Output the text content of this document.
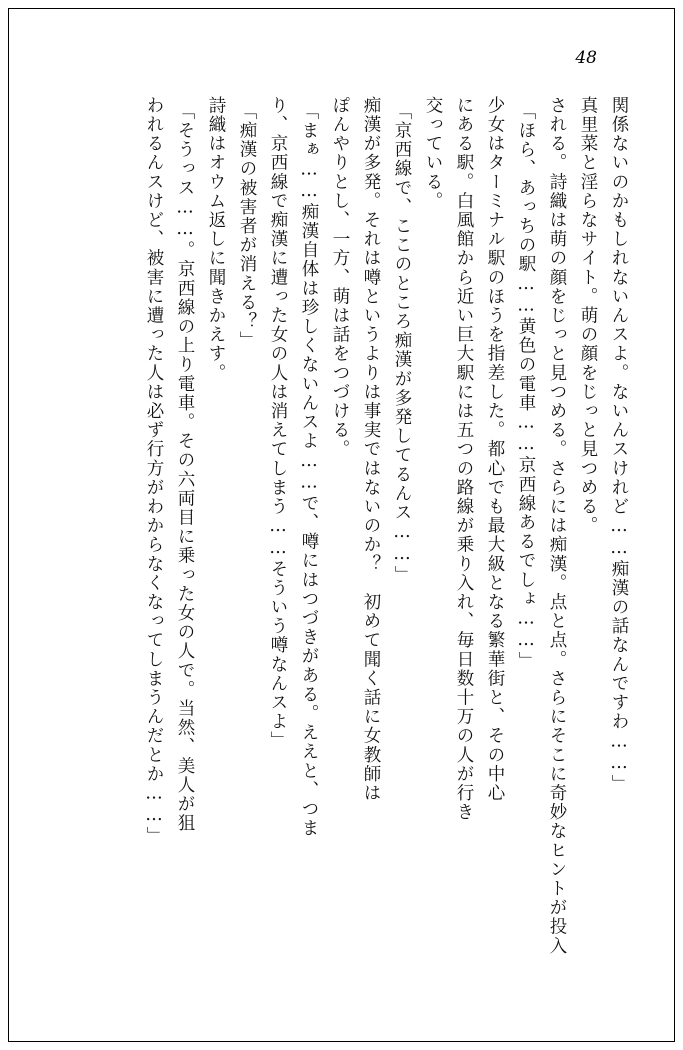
48
関係ないのかもしれないんスよ。ないんスけれど……痴漢の話なんですわ……」
真里菜と淫らなサイト。萌の顔をじっと見つめる。
される。詩織は萌の顔をじっと見つめる。さらには痴漢。点と点。さらにそこに奇妙なヒントが投入
「ほら、あっちの駅……黄色の電車……京西線あるでしょ……」
少女はターミナル駅のほうを指差した。都心でも最大級となる繁華街と、その中心
にある駅。白風館から近い巨大駅には五つの路線が乗り入れ、毎日数十万の人が行き
交っている。
「京西線で、ここのところ痴漢が多発してるんス……」
痴漢が多発。それは噂というよりは事実ではないのか？　初めて聞く話に女教師は
ぽんやりとし、一方、萌は話をつづける。
「まぁ……痴漢自体は珍しくないんスよ……で、噂にはつづきがある。ええと、つま
り、京西線で痴漢に遭った女の人は消えてしまう……そういう噂なんスよ」
「痴漢の被害者が消える？」
詩織はオウム返しに聞きかえす。
「そうっス……。京西線の上り電車。その六両目に乗った女の人で。当然、美人が狙
われるんスけど、被害に遭った人は必ず行方がわからなくなってしまうんだとか……」
